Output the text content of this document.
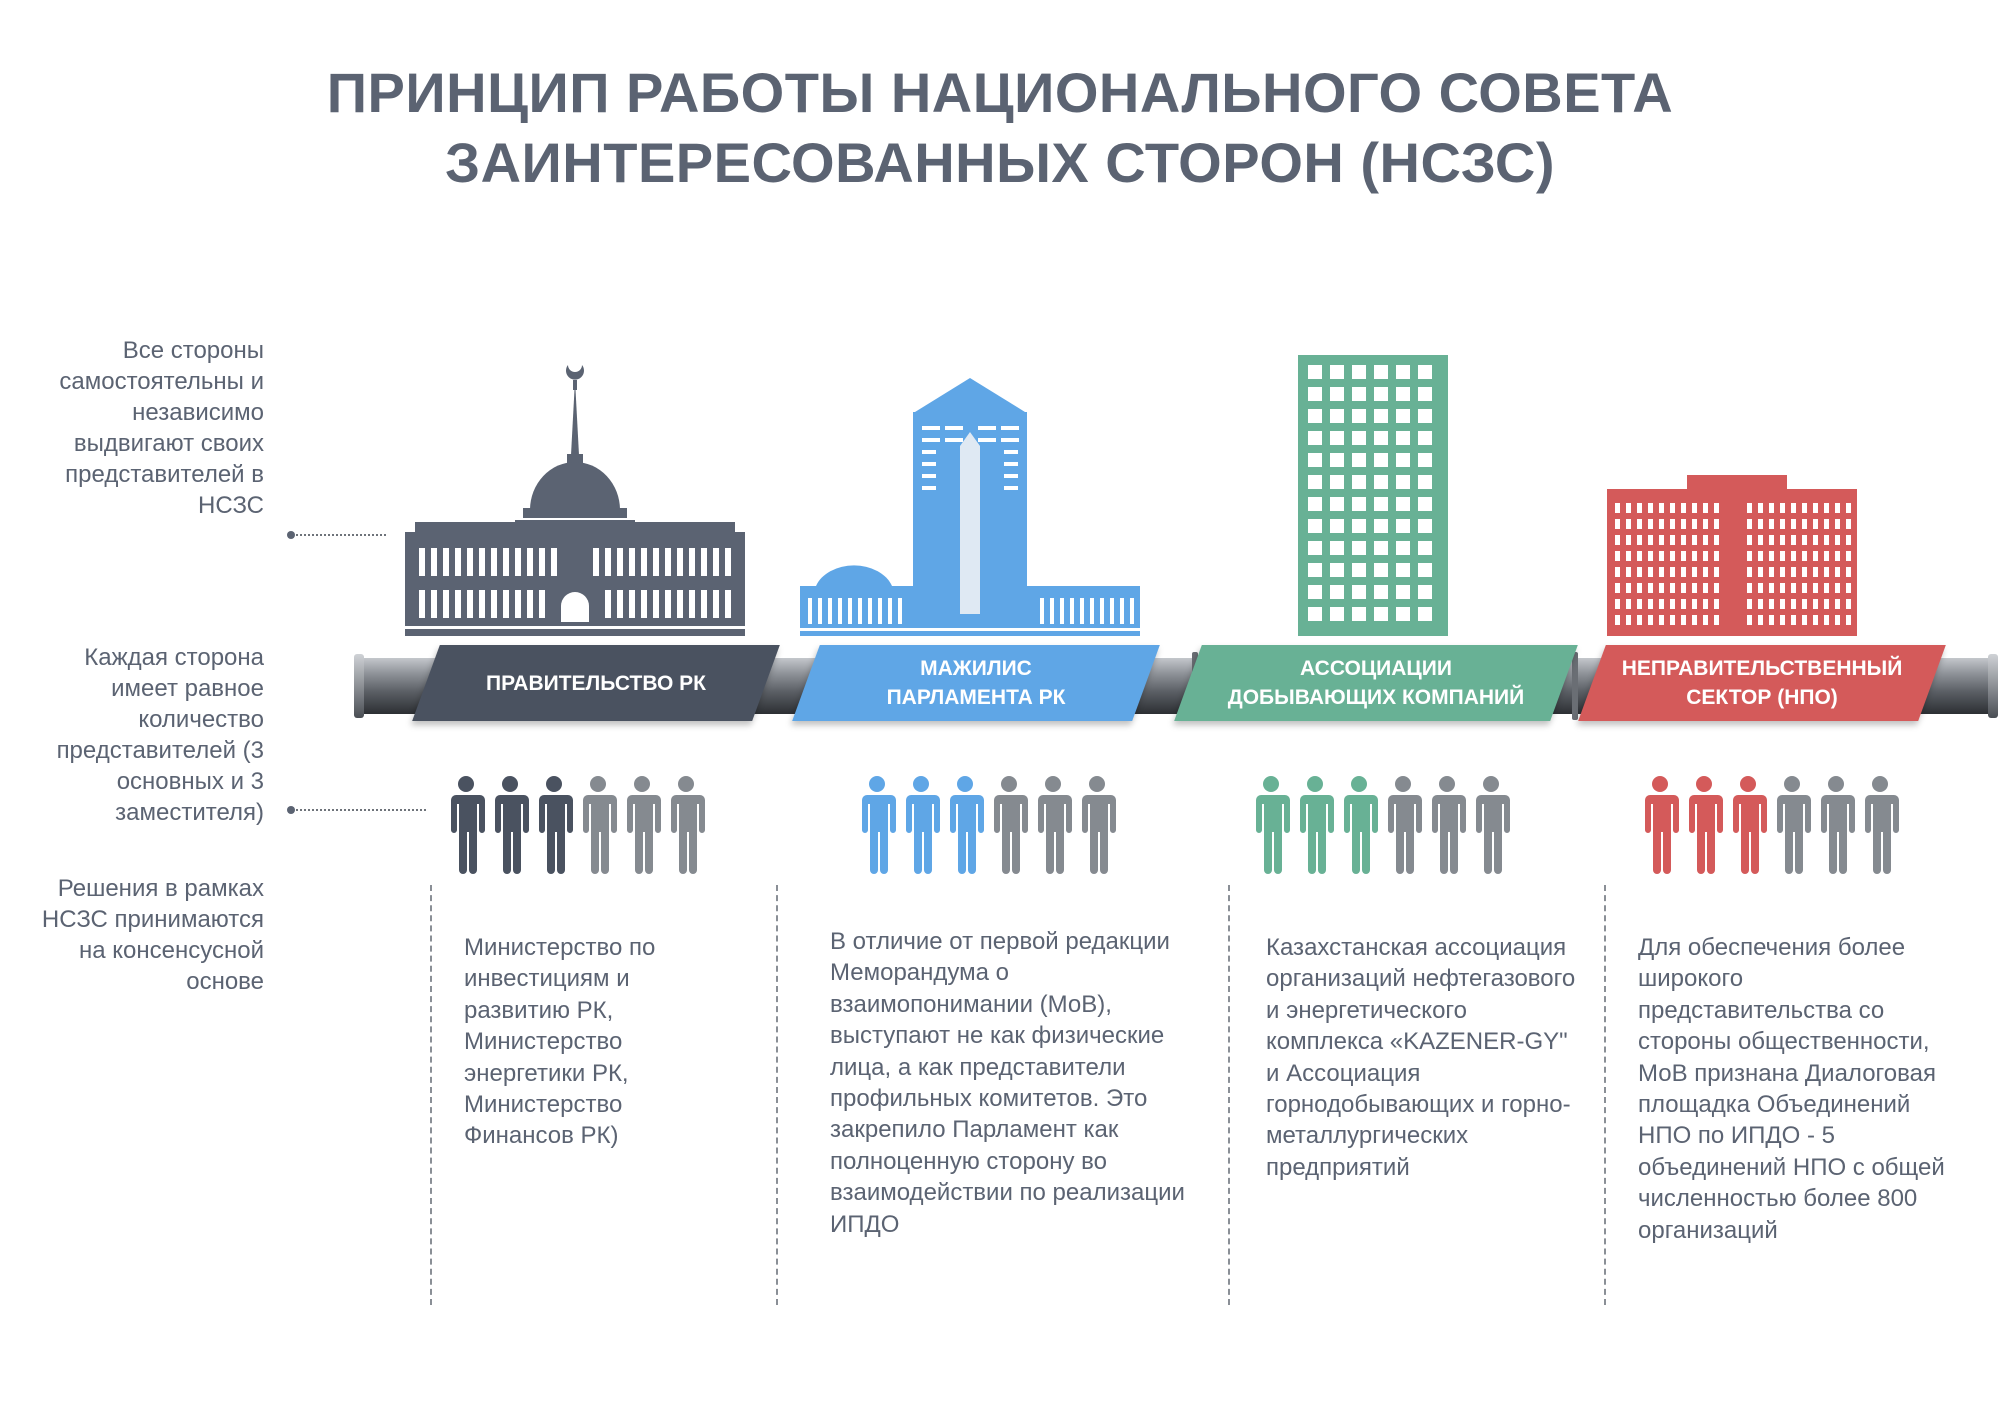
ПРИНЦИП РАБОТЫ НАЦИОНАЛЬНОГО СОВЕТА
ЗАИНТЕРЕСОВАННЫХ СТОРОН (НСЗС)
Все стороны самостоятельны и независимо выдвигают своих представителей в НСЗС
Каждая сторона имеет равное количество представителей (3 основных и 3 заместителя)
Решения в рамках НСЗС принимаются на консенсусной основе
ПРАВИТЕЛЬСТВО РК
МАЖИЛИС ПАРЛАМЕНТА РК
АССОЦИАЦИИ ДОБЫВАЮЩИХ КОМПАНИЙ
НЕПРАВИТЕЛЬСТВЕННЫЙ СЕКТОР (НПО)
Министерство по инвестициям и развитию РК, Министерство энергетики РК, Министерство Финансов РК)
В отличие от первой редакции Меморандума о взаимопонимании (МоВ), выступают не как физические лица, а как представители профильных комитетов. Это закрепило Парламент как полноценную сторону во взаимодействии по реализации ИПДО
Казахстанская ассоциация организаций нефтегазового и энергетического комплекса «KAZENER-GY" и Ассоциация горнодобывающих и горно-металлургических предприятий
Для обеспечения более широкого представительства со стороны общественности, МоВ признана Диалоговая площадка Объединений НПО по ИПДО - 5 объединений НПО с общей численностью более 800 организаций
